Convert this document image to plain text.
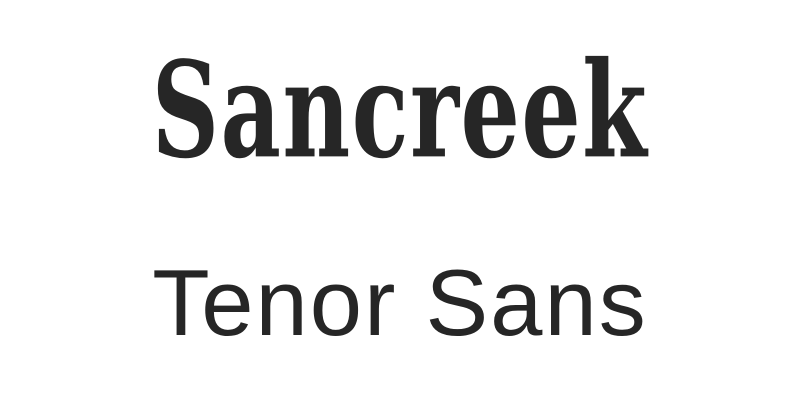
Sancreek
Tenor Sans
